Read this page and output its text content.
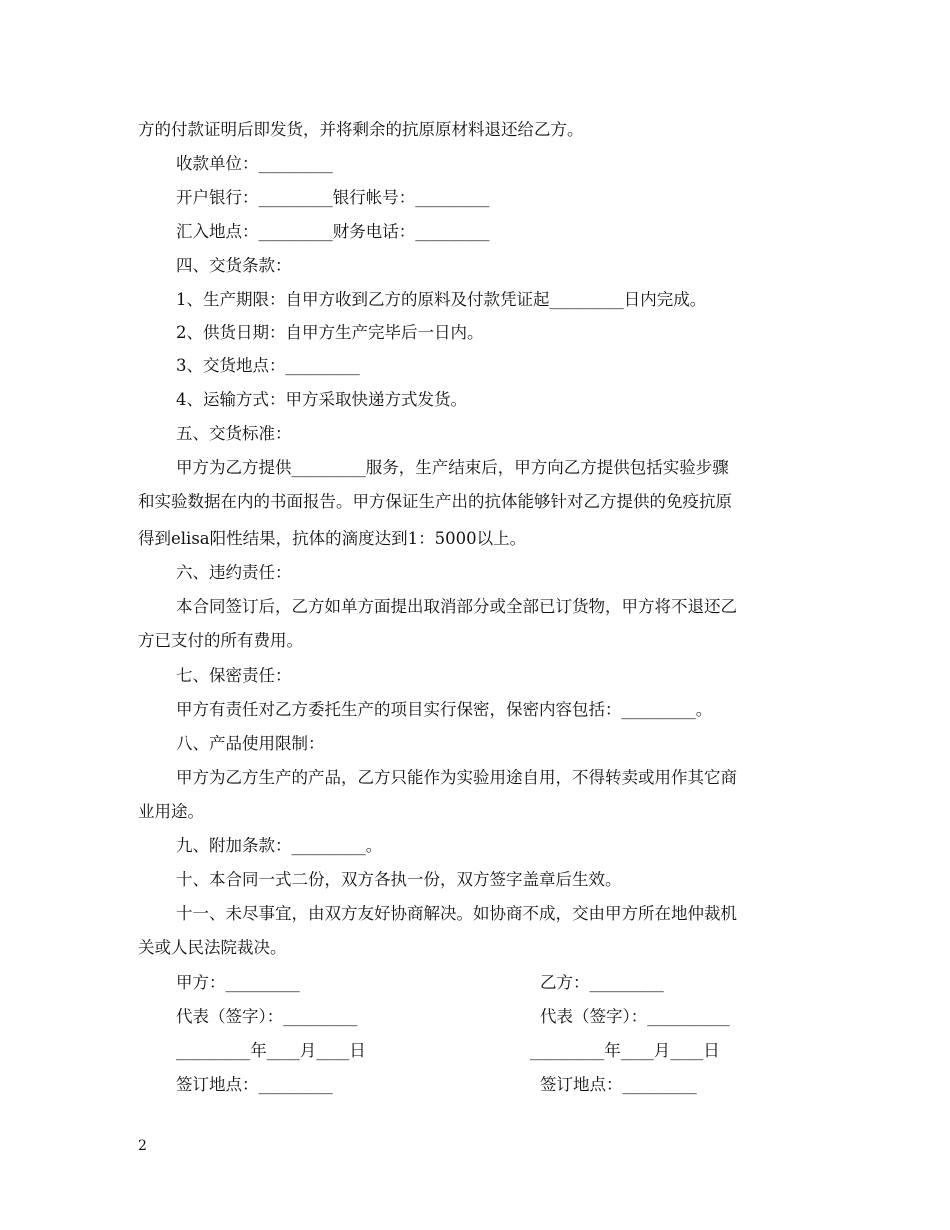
方的付款证明后即发货，并将剩余的抗原原材料退还给乙方。
收款单位：_________
开户银行：_________银行帐号：_________
汇入地点：_________财务电话：_________
四、交货条款：
1、生产期限：自甲方收到乙方的原料及付款凭证起_________日内完成。
2、供货日期：自甲方生产完毕后一日内。
3、交货地点：_________
4、运输方式：甲方采取快递方式发货。
五、交货标准：
甲方为乙方提供_________服务，生产结束后，甲方向乙方提供包括实验步骤
和实验数据在内的书面报告。甲方保证生产出的抗体能够针对乙方提供的免疫抗原
得到elisa阳性结果，抗体的滴度达到1：5000以上。
六、违约责任：
本合同签订后，乙方如单方面提出取消部分或全部已订货物，甲方将不退还乙
方已支付的所有费用。
七、保密责任：
甲方有责任对乙方委托生产的项目实行保密，保密内容包括：_________。
八、产品使用限制：
甲方为乙方生产的产品，乙方只能作为实验用途自用，不得转卖或用作其它商
业用途。
九、附加条款：_________。
十、本合同一式二份，双方各执一份，双方签字盖章后生效。
十一、未尽事宜，由双方友好协商解决。如协商不成，交由甲方所在地仲裁机
关或人民法院裁决。
甲方：_________	乙方：_________
代表（签字）：_________	代表（签字）：__________
_________年____月____日	_________年____月____日
签订地点：_________	签订地点：_________
2
